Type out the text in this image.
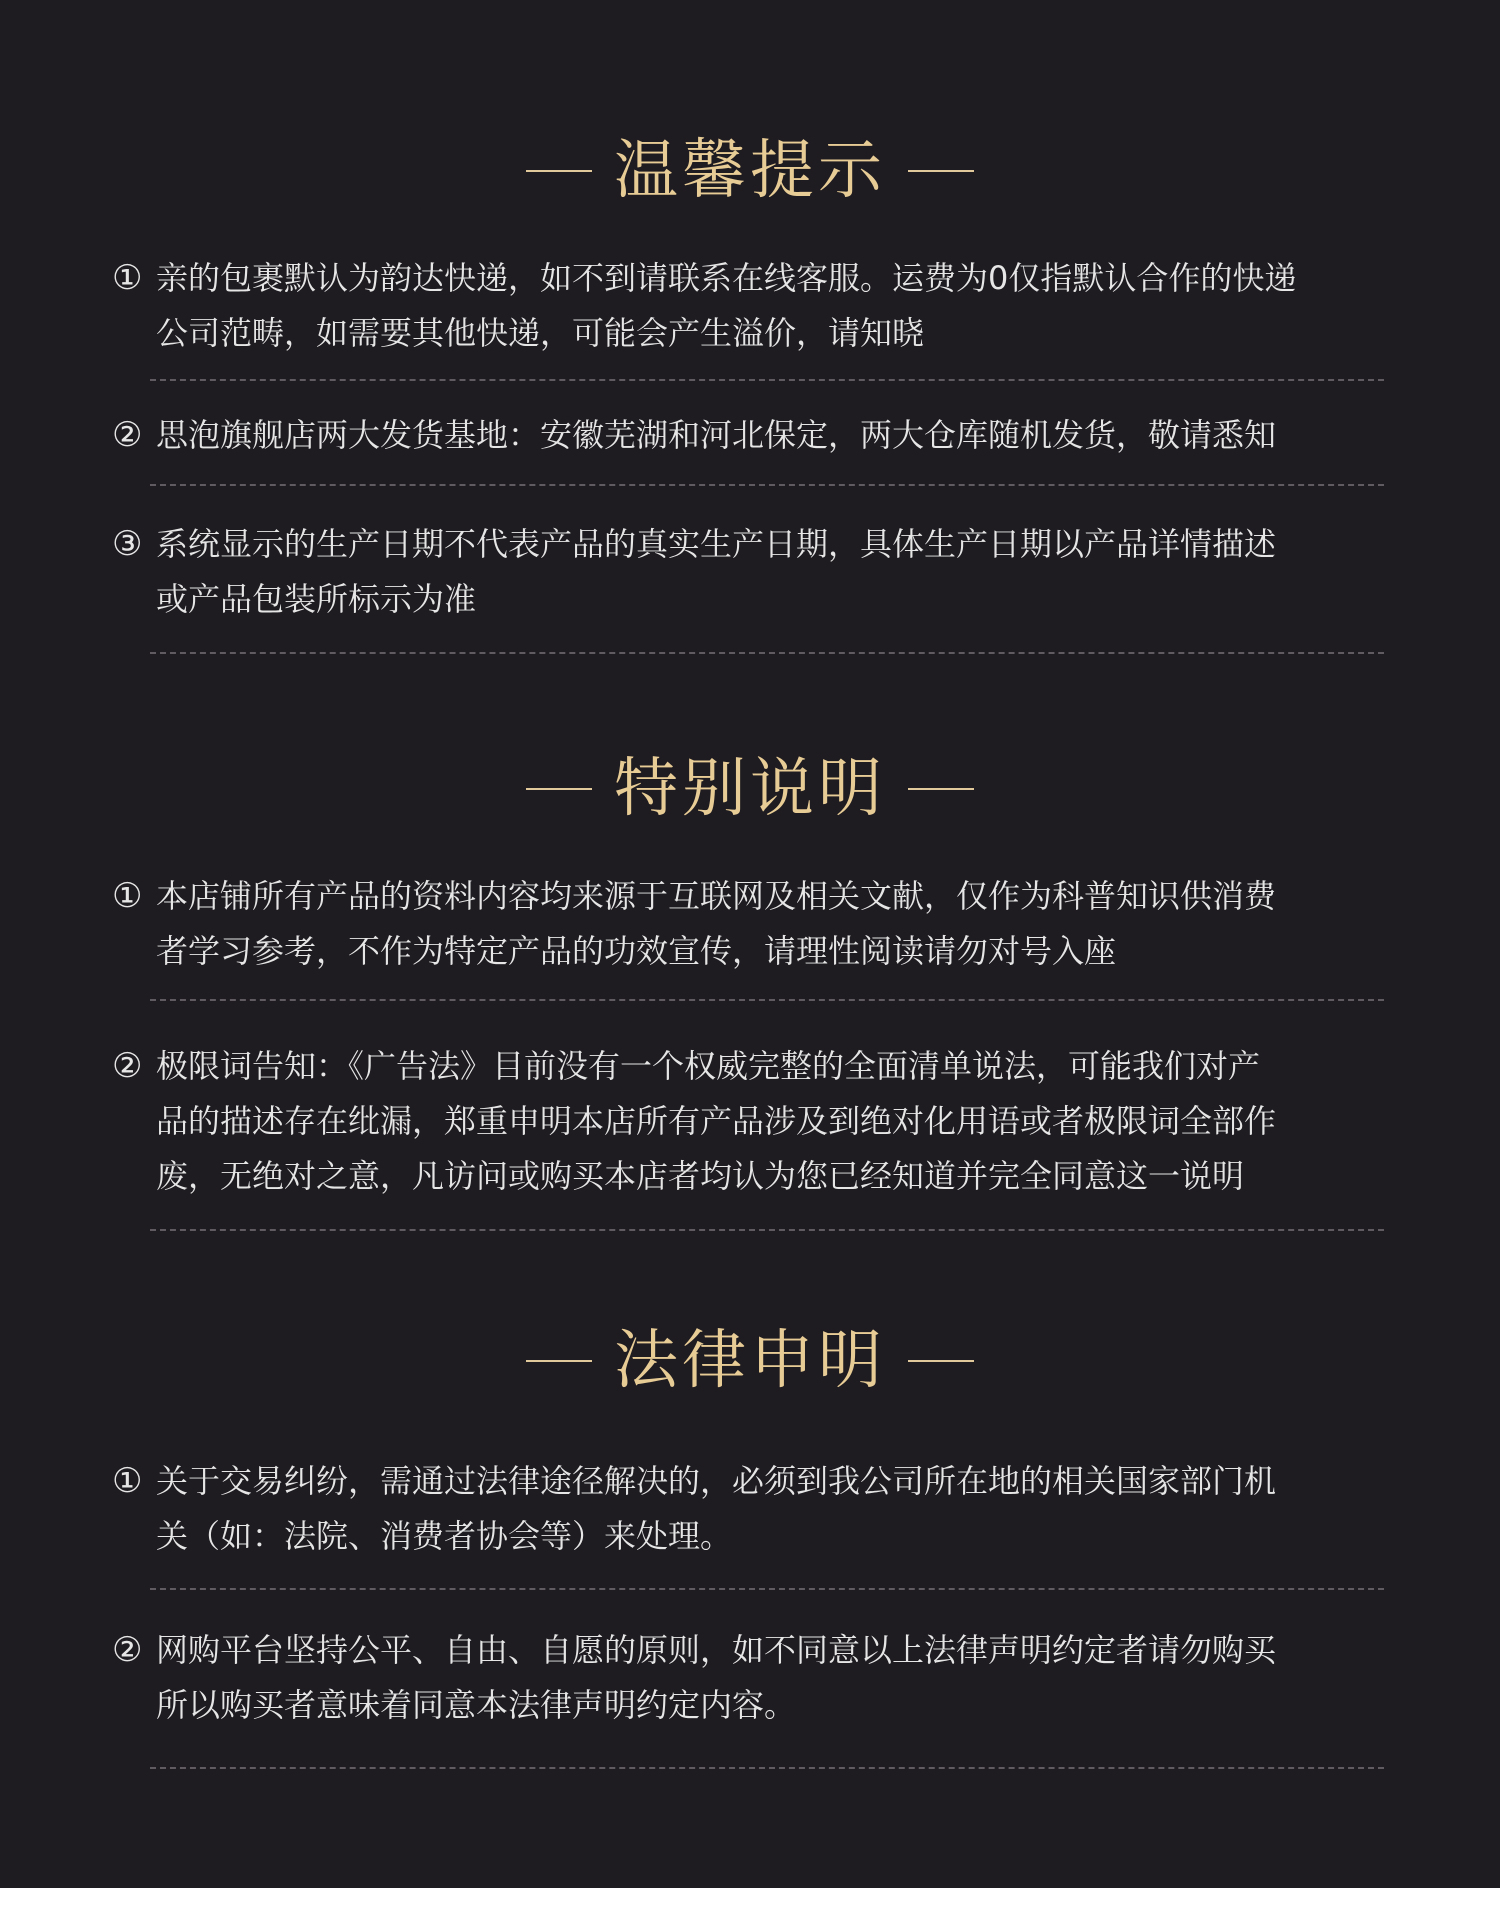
温馨提示
① 亲的包裹默认为韵达快递，如不到请联系在线客服。运费为0仅指默认合作的快递
公司范畴，如需要其他快递，可能会产生溢价，请知晓
② 思泡旗舰店两大发货基地：安徽芜湖和河北保定，两大仓库随机发货，敬请悉知
③ 系统显示的生产日期不代表产品的真实生产日期，具体生产日期以产品详情描述
或产品包装所标示为准
特别说明
① 本店铺所有产品的资料内容均来源于互联网及相关文献，仅作为科普知识供消费
者学习参考，不作为特定产品的功效宣传，请理性阅读请勿对号入座
② 极限词告知：《广告法》目前没有一个权威完整的全面清单说法，可能我们对产
品的描述存在纰漏，郑重申明本店所有产品涉及到绝对化用语或者极限词全部作
废，无绝对之意，凡访问或购买本店者均认为您已经知道并完全同意这一说明
法律申明
① 关于交易纠纷，需通过法律途径解决的，必须到我公司所在地的相关国家部门机
关（如：法院、消费者协会等）来处理。
② 网购平台坚持公平、自由、自愿的原则，如不同意以上法律声明约定者请勿购买
所以购买者意味着同意本法律声明约定内容。
